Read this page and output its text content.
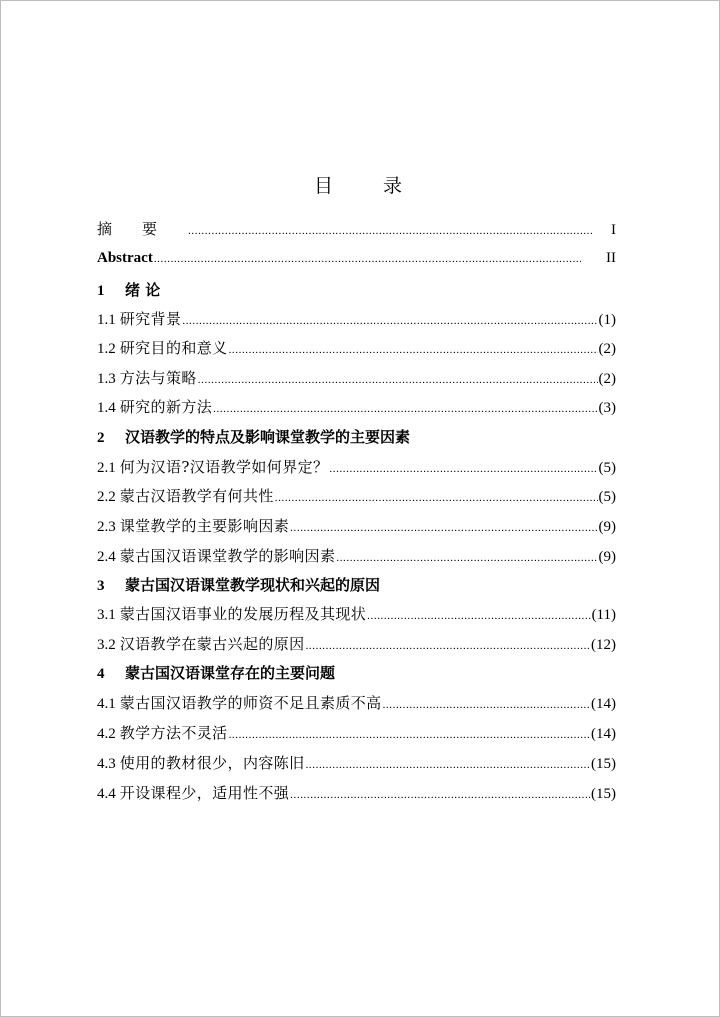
目 录
摘要 .....	I
Abstract .....	II
1 绪 论
1.1 研究背景 .....	(1)
1.2 研究目的和意义 .....	(2)
1.3 方法与策略 .....	(2)
1.4 研究的新方法 .....	(3)
2 汉语教学的特点及影响课堂教学的主要因素
2.1 何为汉语?汉语教学如何界定？ .....	(5)
2.2 蒙古汉语教学有何共性 .....	(5)
2.3 课堂教学的主要影响因素 .....	(9)
2.4 蒙古国汉语课堂教学的影响因素 .....	(9)
3 蒙古国汉语课堂教学现状和兴起的原因
3.1 蒙古国汉语事业的发展历程及其现状 .....	(11)
3.2 汉语教学在蒙古兴起的原因 .....	(12)
4 蒙古国汉语课堂存在的主要问题
4.1 蒙古国汉语教学的师资不足且素质不高 .....	(14)
4.2 教学方法不灵活 .....	(14)
4.3 使用的教材很少，内容陈旧 .....	(15)
4.4 开设课程少，适用性不强 .....	(15)
